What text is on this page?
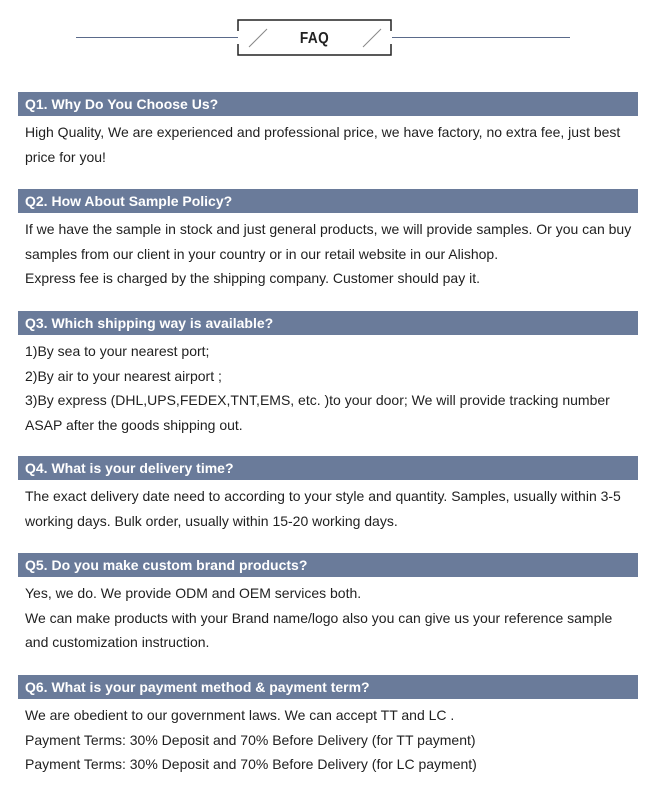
FAQ
Q1. Why Do You Choose Us?

High Quality, We are experienced and professional price, we have factory, no extra fee, just best price for you!

Q2. How About Sample Policy?

If we have the sample in stock and just general products, we will provide samples. Or you can buy samples from our client in your country or in our retail website in our Alishop.

Express fee is charged by the shipping company. Customer should pay it.

Q3. Which shipping way is available?

1)By sea to your nearest port;

2)By air to your nearest airport ;

3)By express (DHL,UPS,FEDEX,TNT,EMS, etc. )to your door; We will provide tracking number ASAP after the goods shipping out.

Q4. What is your delivery time?

The exact delivery date need to according to your style and quantity. Samples, usually within 3-5 working days. Bulk order, usually within 15-20 working days.

Q5. Do you make custom brand products?

Yes, we do. We provide ODM and OEM services both.

We can make products with your Brand name/logo also you can give us your reference sample and customization instruction.

Q6. What is your payment method & payment term?

We are obedient to our government laws. We can accept TT and LC .

Payment Terms: 30% Deposit and 70% Before Delivery (for TT payment)

Payment Terms: 30% Deposit and 70% Before Delivery (for LC payment)
